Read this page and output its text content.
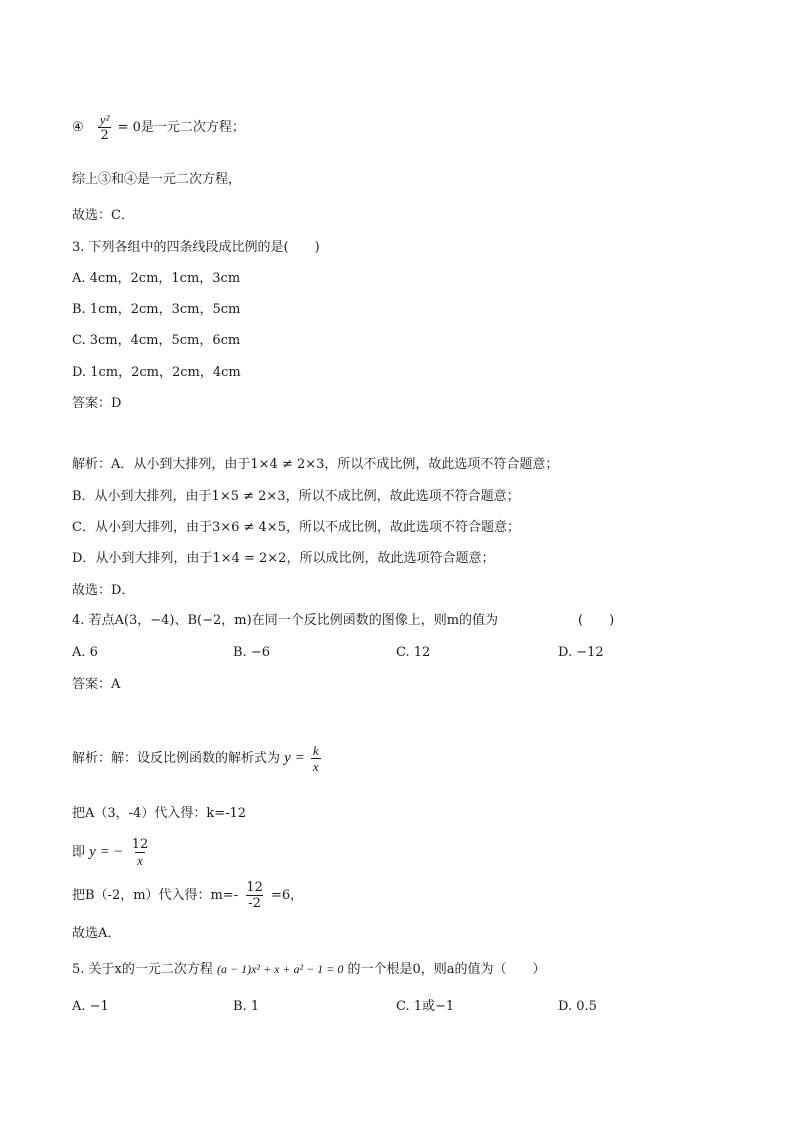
④ $\frac{\text{y²}}{2} = 0$是一元二次方程；
综上③和④是一元二次方程，
故选：C．
3. 下列各组中的四条线段成比例的是(　　)
A. 4cm，2cm，1cm，3cm
B. 1cm，2cm，3cm，5cm
C. 3cm，4cm，5cm，6cm
D. 1cm，2cm，2cm，4cm
答案：D
解析：A．从小到大排列，由于1×4 ≠ 2×3，所以不成比例，故此选项不符合题意；
B．从小到大排列，由于1×5 ≠ 2×3，所以不成比例，故此选项不符合题意；
C．从小到大排列，由于3×6 ≠ 4×5，所以不成比例，故此选项不符合题意；
D．从小到大排列，由于1×4 = 2×2，所以成比例，故此选项符合题意；
故选：D．
4. 若点A(3，−4)、B(−2，m)在同一个反比例函数的图像上，则m的值为	(　　)
A. 6	B. −6	C. 12	D. −12
答案：A
解析：解：设反比例函数的解析式为 $y = \frac{k}{x}$
把A（3，-4）代入得：k=-12
即 y = − $\frac{12}{x}$
把B（-2，m）代入得：$m=- \frac{12}{-2} =6$，
故选A．
5. 关于x的一元二次方程 (a − 1)x² + x + a² − 1 = 0 的一个根是0，则a的值为（　　）
A. −1	B. 1	C. 1或−1	D. 0.5
